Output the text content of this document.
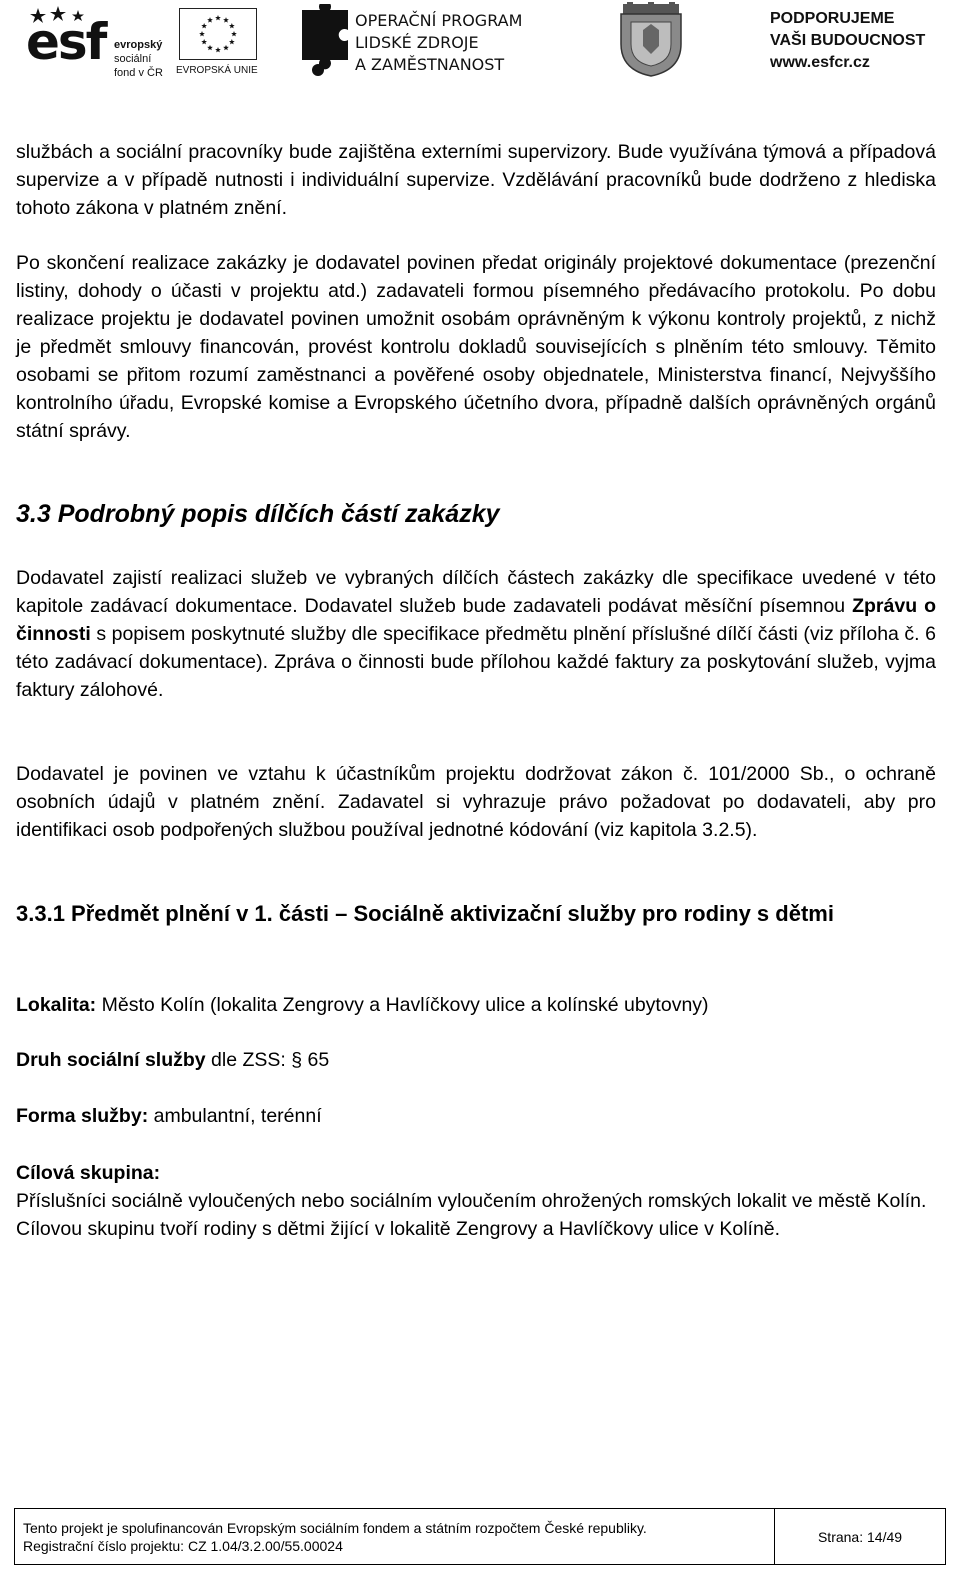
esf evropský
sociální
fond v ČR EVROPSKÁ UNIE
OPERAČNÍ PROGRAM
LIDSKÉ ZDROJE
A ZAMĚSTNANOST
PODPORUJEME
VAŠI BUDOUCNOST
www.esfcr.cz

službách a sociální pracovníky bude zajištěna externími supervizory. Bude využívána týmová a případová supervize a v případě nutnosti i individuální supervize. Vzdělávání pracovníků bude dodrženo z hlediska tohoto zákona v platném znění.

Po skončení realizace zakázky je dodavatel povinen předat originály projektové dokumentace (prezenční listiny, dohody o účasti v projektu atd.) zadavateli formou písemného předávacího protokolu. Po dobu realizace projektu je dodavatel povinen umožnit osobám oprávněným k výkonu kontroly projektů, z nichž je předmět smlouvy financován, provést kontrolu dokladů souvisejících s plněním této smlouvy. Těmito osobami se přitom rozumí zaměstnanci a pověřené osoby objednatele, Ministerstva financí, Nejvyššího kontrolního úřadu, Evropské komise a Evropského účetního dvora, případně dalších oprávněných orgánů státní správy.

3.3 Podrobný popis dílčích částí zakázky

Dodavatel zajistí realizaci služeb ve vybraných dílčích částech zakázky dle specifikace uvedené v této kapitole zadávací dokumentace. Dodavatel služeb bude zadavateli podávat měsíční písemnou Zprávu o činnosti s popisem poskytnuté služby dle specifikace předmětu plnění příslušné dílčí části (viz příloha č. 6 této zadávací dokumentace). Zpráva o činnosti bude přílohou každé faktury za poskytování služeb, vyjma faktury zálohové.

Dodavatel je povinen ve vztahu k účastníkům projektu dodržovat zákon č. 101/2000 Sb., o ochraně osobních údajů v platném znění. Zadavatel si vyhrazuje právo požadovat po dodavateli, aby pro identifikaci osob podpořených službou používal jednotné kódování (viz kapitola 3.2.5).

3.3.1 Předmět plnění v 1. části – Sociálně aktivizační služby pro rodiny s dětmi
Lokalita: Město Kolín (lokalita Zengrovy a Havlíčkovy ulice a kolínské ubytovny)
Druh sociální služby dle ZSS: § 65
Forma služby: ambulantní, terénní
Cílová skupina:

Příslušníci sociálně vyloučených nebo sociálním vyloučením ohrožených romských lokalit ve městě Kolín. Cílovou skupinu tvoří rodiny s dětmi žijící v lokalitě Zengrovy a Havlíčkovy ulice v Kolíně.

Tento projekt je spolufinancován Evropským sociálním fondem a státním rozpočtem České republiky.
Registrační číslo projektu: CZ 1.04/3.2.00/55.00024
Strana: 14/49
